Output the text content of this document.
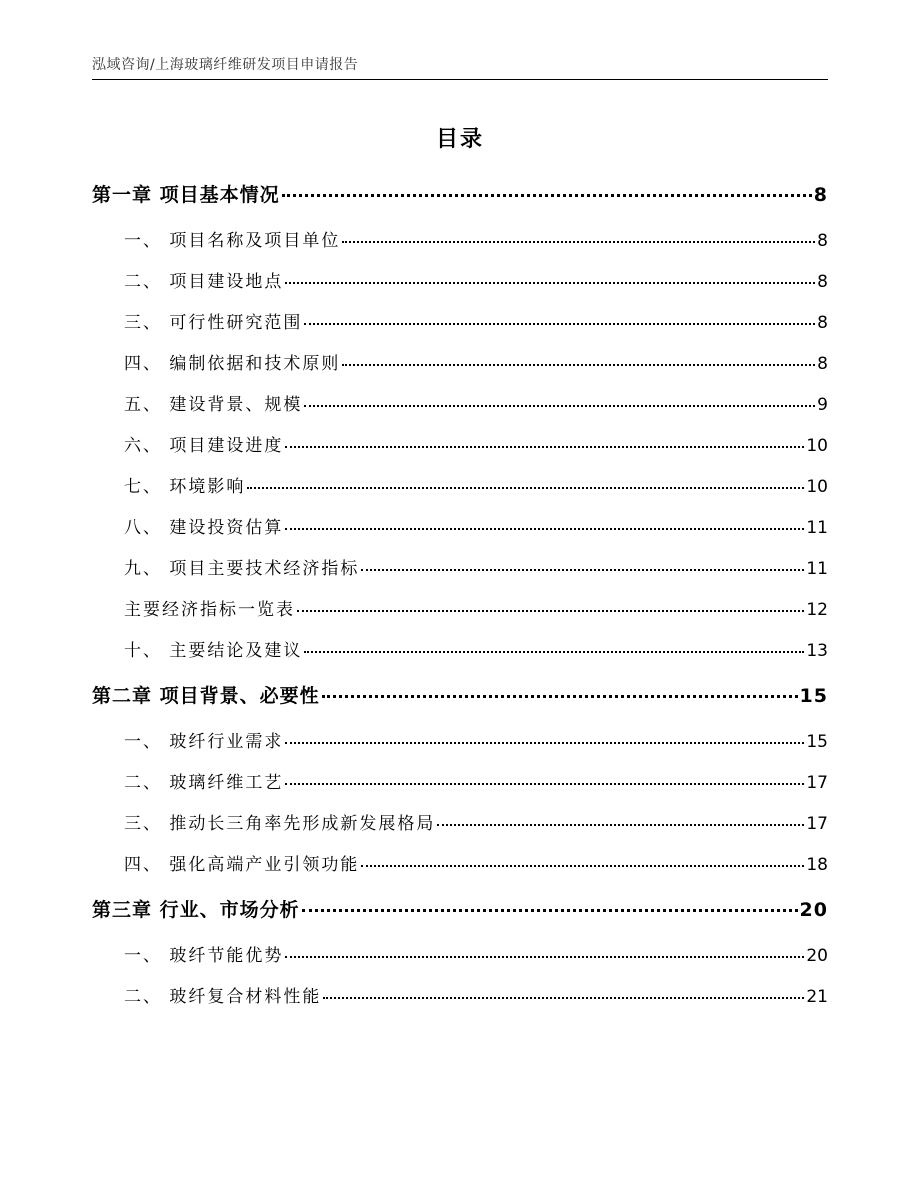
泓域咨询/上海玻璃纤维研发项目申请报告
目录
第一章 项目基本情况	8
一、 项目名称及项目单位	8
二、 项目建设地点	8
三、 可行性研究范围	8
四、 编制依据和技术原则	8
五、 建设背景、规模	9
六、 项目建设进度	10
七、 环境影响	10
八、 建设投资估算	11
九、 项目主要技术经济指标	11
主要经济指标一览表	12
十、 主要结论及建议	13
第二章 项目背景、必要性	15
一、 玻纤行业需求	15
二、 玻璃纤维工艺	17
三、 推动长三角率先形成新发展格局	17
四、 强化高端产业引领功能	18
第三章 行业、市场分析	20
一、 玻纤节能优势	20
二、 玻纤复合材料性能	21
